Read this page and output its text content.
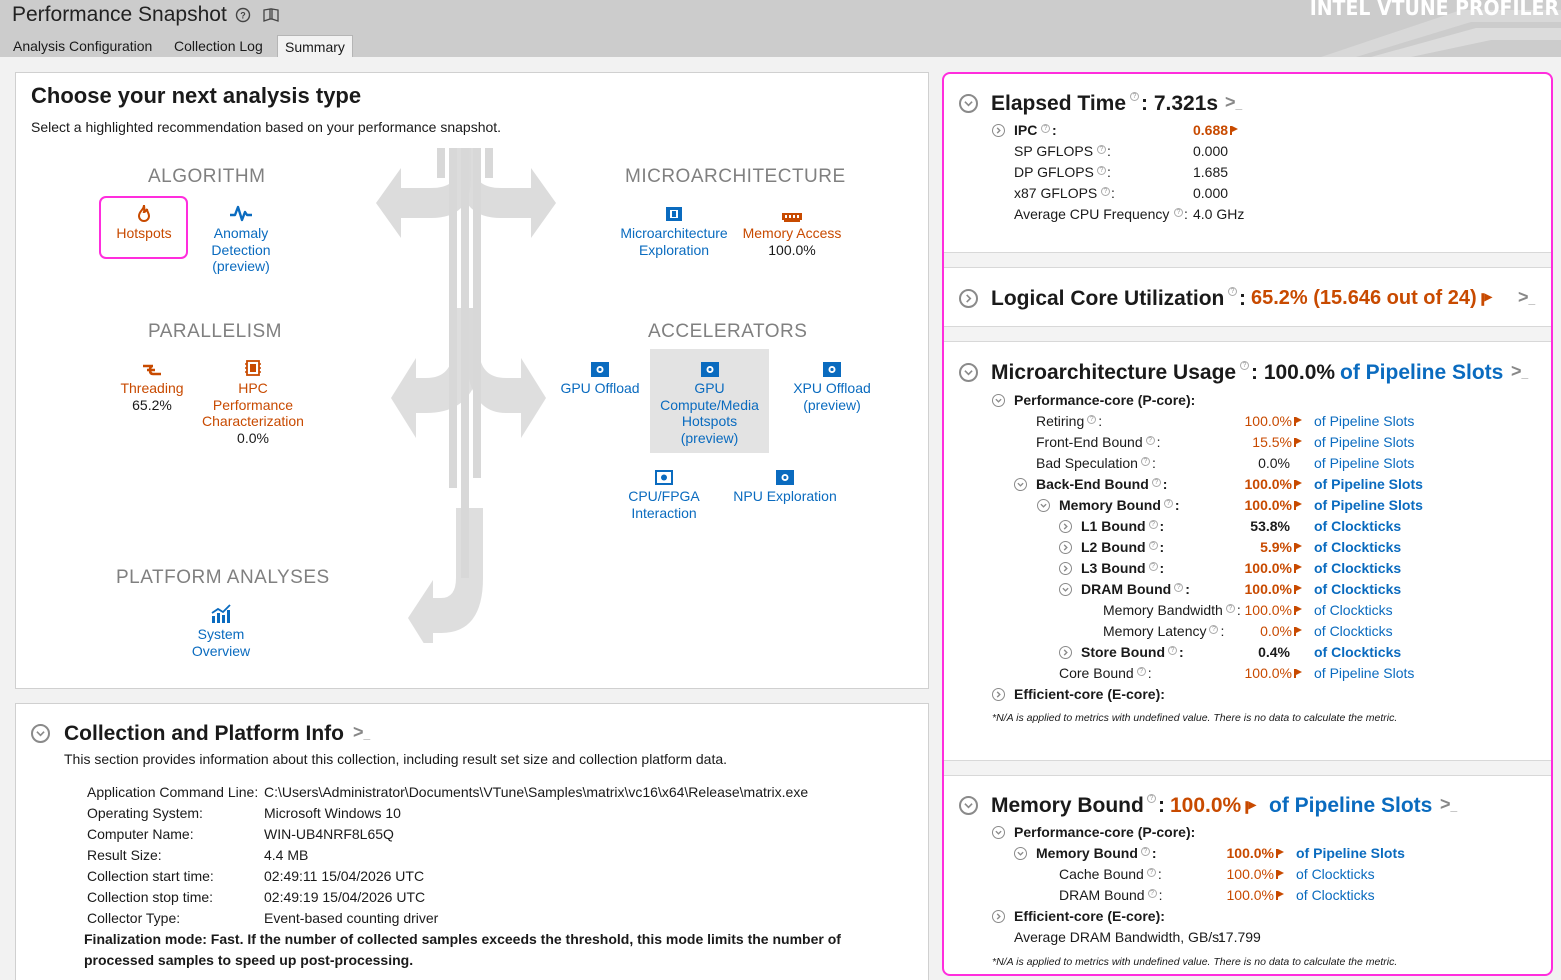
Performance Snapshot ?	INTEL VTUNE PROFILER
Analysis Configuration	Collection Log	Summary
Choose your next analysis type
Select a highlighted recommendation based on your performance snapshot.
ALGORITHM
Hotspots	Anomaly
Detection
(preview)
MICROARCHITECTURE
Microarchitecture
Exploration
Memory Access
100.0%
PARALLELISM
Threading
65.2%
HPC
Performance
Characterization
0.0%
ACCELERATORS
GPU Offload	GPU
Compute/Media
Hotspots
(preview)
XPU Offload
(preview)
CPU/FPGA
Interaction
NPU Exploration
PLATFORM ANALYSES
System
Overview
Collection and Platform Info >_
This section provides information about this collection, including result set size and collection platform data.
Application Command Line: C:\Users\Administrator\Documents\VTune\Samples\matrix\vc16\x64\Release\matrix.exe
Operating System:	Microsoft Windows 10
Computer Name:	WIN-UB4NRF8L65Q
Result Size:	4.4 MB
Collection start time:	02:49:11 15/04/2026 UTC
Collection stop time:	02:49:19 15/04/2026 UTC
Collector Type:	Event-based counting driver
Finalization mode: Fast. If the number of collected samples exceeds the threshold, this mode limits the number of
processed samples to speed up post-processing.
Elapsed Time ? : 7.321s >_
IPC ? :	0.688
SP GFLOPS ? :	0.000
DP GFLOPS ? :	1.685
x87 GFLOPS ? :	0.000
Average CPU Frequency	? : 4.0 GHz
Logical Core Utilization ? : 65.2% (15.646 out of 24)	>_
Microarchitecture Usage ? : 100.0% of Pipeline Slots >_
Performance-core (P-core):
Retiring ? :	100.0%	of Pipeline Slots
Front-End Bound ? :	15.5%	of Pipeline Slots
Bad Speculation ? :	0.0% of Pipeline Slots
Back-End Bound ? :	100.0%	of Pipeline Slots
Memory Bound ? :	100.0%	of Pipeline Slots
L1 Bound ? :	53.8% of Clockticks
L2 Bound ? :	5.9%	of Clockticks
L3 Bound ? :	100.0%	of Clockticks
DRAM Bound ? :	100.0%	of Clockticks
Memory Bandwidth ? : 100.0%	of Clockticks
Memory Latency ? :	0.0%	of Clockticks
Store Bound ? :	0.4% of Clockticks
Core Bound ? :	100.0%	of Pipeline Slots
Efficient-core (E-core):
*N/A is applied to metrics with undefined value. There is no data to calculate the metric.
Memory Bound ? : 100.0%	of Pipeline Slots >_
Performance-core (P-core):
Memory Bound ? :	100.0%	of Pipeline Slots
Cache Bound ? :	100.0%	of Clockticks
DRAM Bound ? :	100.0%	of Clockticks
Efficient-core (E-core):
Average DRAM Bandwidth, GB/s:
17.799
*N/A is applied to metrics with undefined value. There is no data to calculate the metric.
